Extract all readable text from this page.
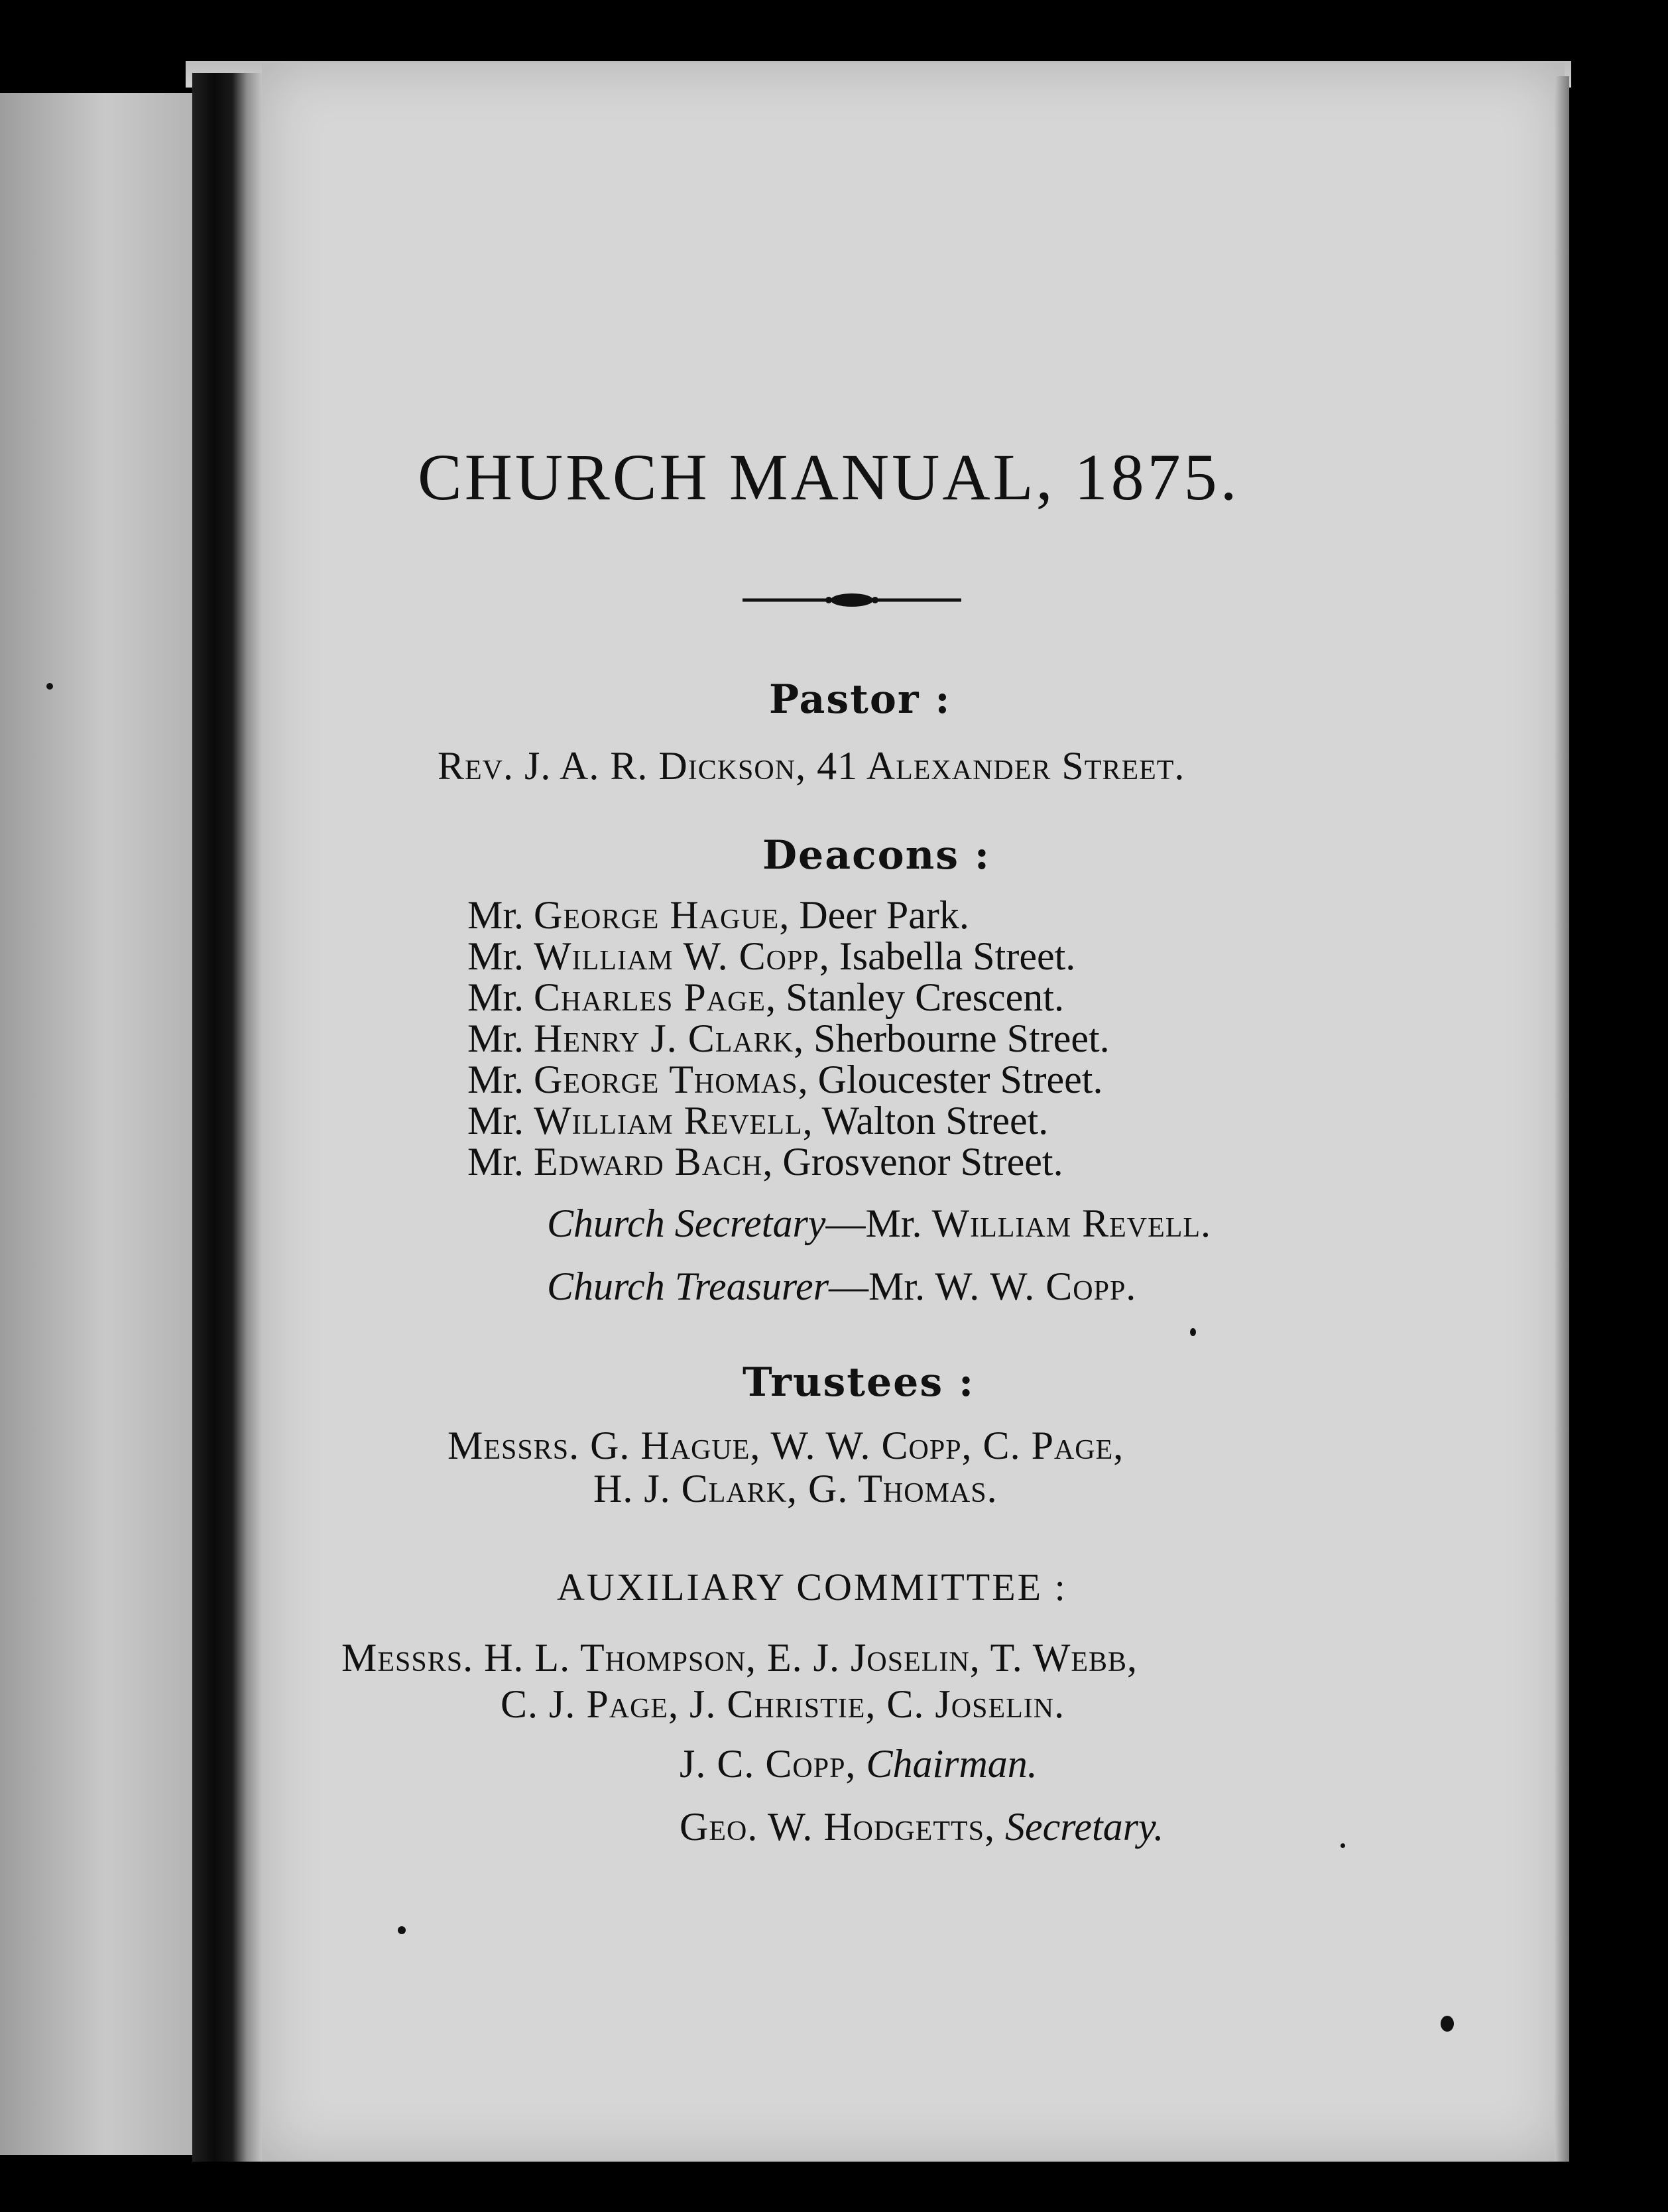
CHURCH MANUAL, 1875.
Pastor :
Rev. J. A. R. Dickson, 41 Alexander Street.
Deacons :
Mr. George Hague, Deer Park.
Mr. William W. Copp, Isabella Street.
Mr. Charles Page, Stanley Crescent.
Mr. Henry J. Clark, Sherbourne Street.
Mr. George Thomas, Gloucester Street.
Mr. William Revell, Walton Street.
Mr. Edward Bach, Grosvenor Street.
Church Secretary—Mr. William Revell.
Church Treasurer—Mr. W. W. Copp.
Trustees :
Messrs. G. Hague, W. W. Copp, C. Page,
H. J. Clark, G. Thomas.
AUXILIARY COMMITTEE :
Messrs. H. L. Thompson, E. J. Joselin, T. Webb,
C. J. Page, J. Christie, C. Joselin.
J. C. Copp, Chairman.
Geo. W. Hodgetts, Secretary.
